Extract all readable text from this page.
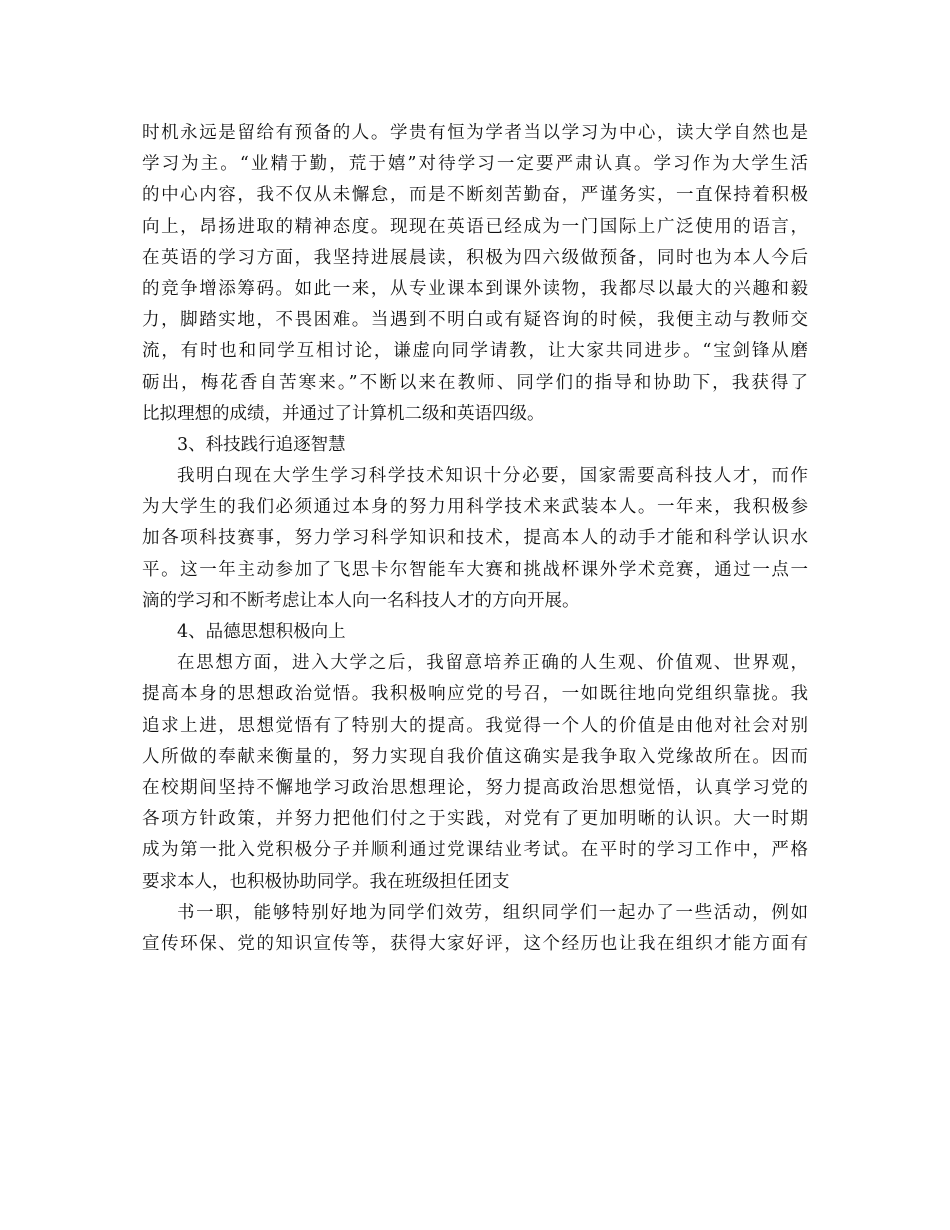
时机永远是留给有预备的人。学贵有恒为学者当以学习为中心，读大学自然也是
学习为主。“业精于勤，荒于嬉”对待学习一定要严肃认真。学习作为大学生活
的中心内容，我不仅从未懈怠，而是不断刻苦勤奋，严谨务实，一直保持着积极
向上，昂扬进取的精神态度。现现在英语已经成为一门国际上广泛使用的语言，
在英语的学习方面，我坚持进展晨读，积极为四六级做预备，同时也为本人今后
的竞争增添筹码。如此一来，从专业课本到课外读物，我都尽以最大的兴趣和毅
力，脚踏实地，不畏困难。当遇到不明白或有疑咨询的时候，我便主动与教师交
流，有时也和同学互相讨论，谦虚向同学请教，让大家共同进步。“宝剑锋从磨
砺出，梅花香自苦寒来。”不断以来在教师、同学们的指导和协助下，我获得了
比拟理想的成绩，并通过了计算机二级和英语四级。
3、科技践行追逐智慧
我明白现在大学生学习科学技术知识十分必要，国家需要高科技人才，而作
为大学生的我们必须通过本身的努力用科学技术来武装本人。一年来，我积极参
加各项科技赛事，努力学习科学知识和技术，提高本人的动手才能和科学认识水
平。这一年主动参加了飞思卡尔智能车大赛和挑战杯课外学术竞赛，通过一点一
滴的学习和不断考虑让本人向一名科技人才的方向开展。
4、品德思想积极向上
在思想方面，进入大学之后，我留意培养正确的人生观、价值观、世界观，
提高本身的思想政治觉悟。我积极响应党的号召，一如既往地向党组织靠拢。我
追求上进，思想觉悟有了特别大的提高。我觉得一个人的价值是由他对社会对别
人所做的奉献来衡量的，努力实现自我价值这确实是我争取入党缘故所在。因而
在校期间坚持不懈地学习政治思想理论，努力提高政治思想觉悟，认真学习党的
各项方针政策，并努力把他们付之于实践，对党有了更加明晰的认识。大一时期
成为第一批入党积极分子并顺利通过党课结业考试。在平时的学习工作中，严格
要求本人，也积极协助同学。我在班级担任团支
书一职，能够特别好地为同学们效劳，组织同学们一起办了一些活动，例如
宣传环保、党的知识宣传等，获得大家好评，这个经历也让我在组织才能方面有
